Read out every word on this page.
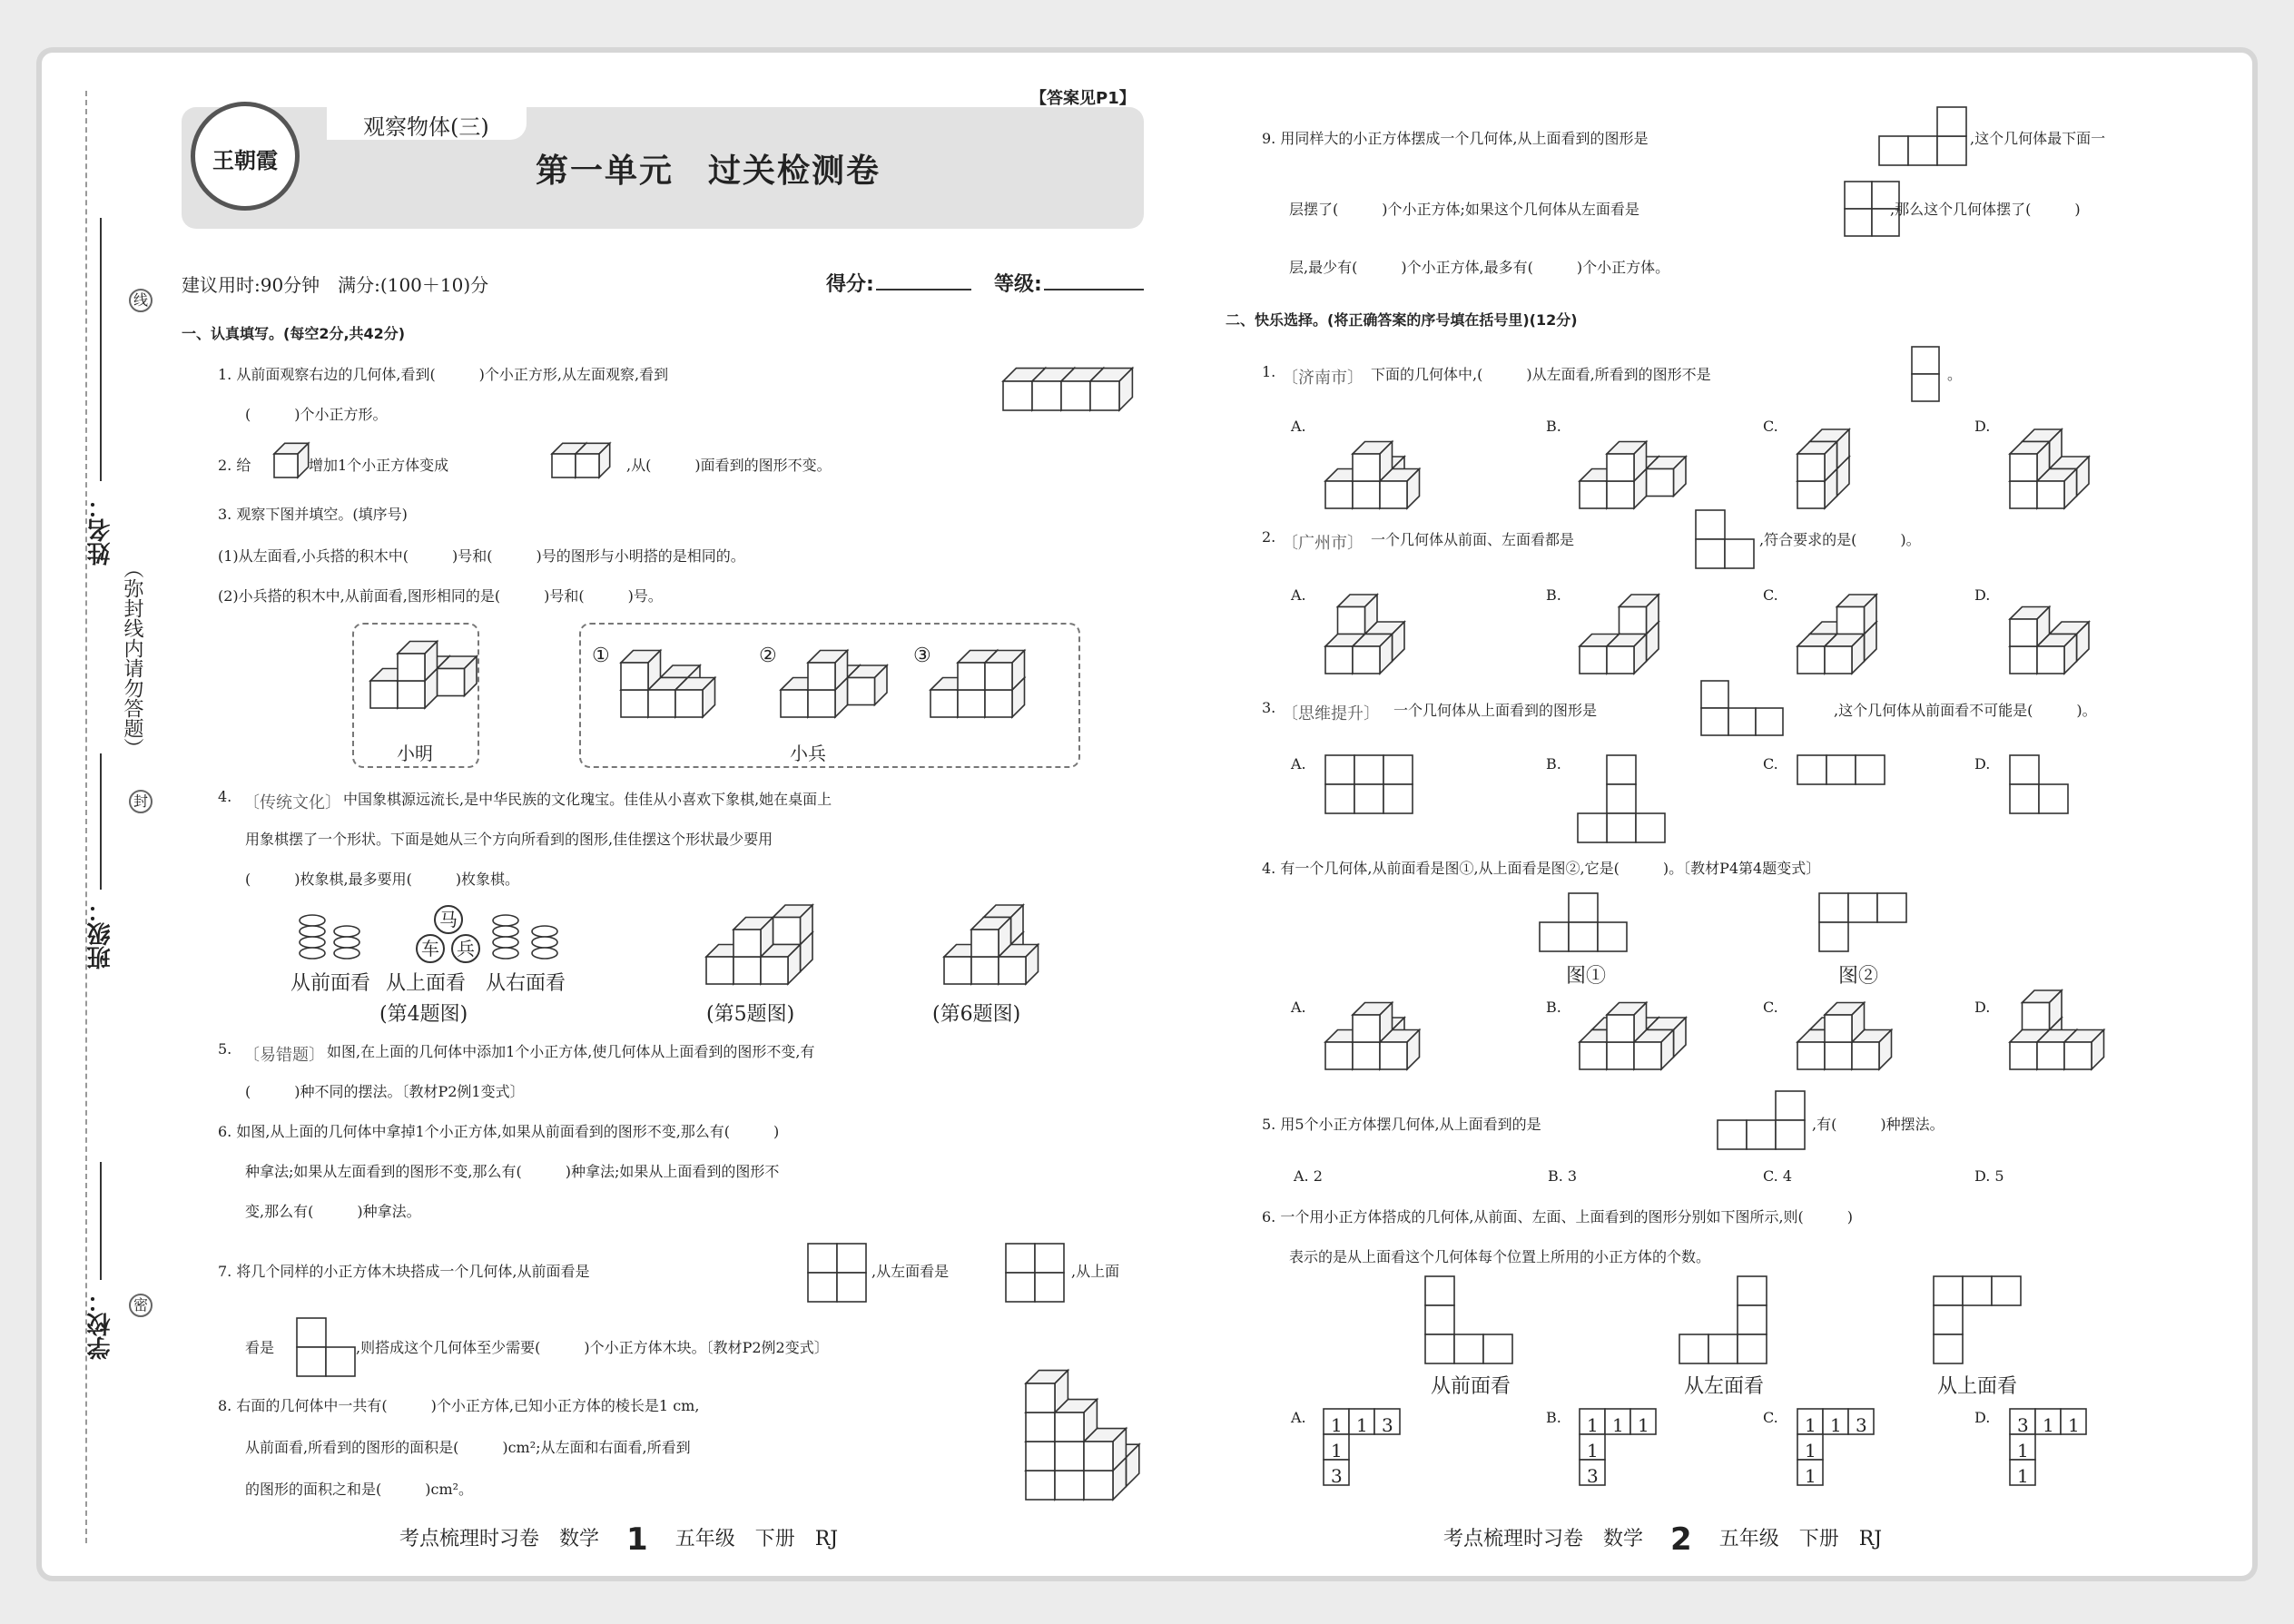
学校：
班级：
姓名：
线
封
密
（弥封线内请勿答题）
王朝霞
观察物体(三)
第一单元　过关检测卷
【答案见P1】
建议用时:90分钟　满分:(100＋10)分	得分:	等级:
一、认真填写。(每空2分,共42分)
1. 从前面观察右边的几何体,看到(　　　)个小正方形,从左面观察,看到
(　　　)个小正方形。
2. 给	增加1个小正方体变成	,从(　　　)面看到的图形不变。
3. 观察下图并填空。(填序号)
(1)从左面看,小兵搭的积木中(　　　)号和(　　　)号的图形与小明搭的是相同的。
(2)小兵搭的积木中,从前面看,图形相同的是(　　　)号和(　　　)号。
小明	小兵
①	②	③
4. 〔传统文化〕 中国象棋源远流长,是中华民族的文化瑰宝。佳佳从小喜欢下象棋,她在桌面上
用象棋摆了一个形状。下面是她从三个方向所看到的图形,佳佳摆这个形状最少要用
(　　　)枚象棋,最多要用(　　　)枚象棋。
从前面看 从上面看 从右面看
(第4题图)	(第5题图)	(第6题图)
5. 〔易错题〕 如图,在上面的几何体中添加1个小正方体,使几何体从上面看到的图形不变,有
(　　　)种不同的摆法。〔教材P2例1变式〕
6. 如图,从上面的几何体中拿掉1个小正方体,如果从前面看到的图形不变,那么有(　　　)
种拿法;如果从左面看到的图形不变,那么有(　　　)种拿法;如果从上面看到的图形不
变,那么有(　　　)种拿法。
7. 将几个同样的小正方体木块搭成一个几何体,从前面看是	,从左面看是	,从上面
看是	,则搭成这个几何体至少需要(　　　)个小正方体木块。〔教材P2例2变式〕
8. 右面的几何体中一共有(　　　)个小正方体,已知小正方体的棱长是1 cm,
从前面看,所看到的图形的面积是(　　　)cm²;从左面和右面看,所看到
的图形的面积之和是(　　　)cm²。
9. 用同样大的小正方体摆成一个几何体,从上面看到的图形是	,这个几何体最下面一
层摆了(　　　)个小正方体;如果这个几何体从左面看是	,那么这个几何体摆了(　　　)
层,最少有(　　　)个小正方体,最多有(　　　)个小正方体。
二、快乐选择。(将正确答案的序号填在括号里)(12分)
1. 〔济南市〕 下面的几何体中,(　　　)从左面看,所看到的图形不是	。
2. 〔广州市〕 一个几何体从前面、左面看都是	,符合要求的是(　　　)。
3. 〔思维提升〕 一个几何体从上面看到的图形是	,这个几何体从前面看不可能是(　　　)。
4. 有一个几何体,从前面看是图①,从上面看是图②,它是(　　　)。〔教材P4第4题变式〕
图①	图②
5. 用5个小正方体摆几何体,从上面看到的是	,有(　　　)种摆法。
A. 2	B. 3	C. 4	D. 5
6. 一个用小正方体搭成的几何体,从前面、左面、上面看到的图形分别如下图所示,则(　　　)
表示的是从上面看这个几何体每个位置上所用的小正方体的个数。
从前面看	从左面看	从上面看
A.	B.	C.	D.
A.	B.	C.	D.
A.	B.	C.	D.
A.	B.	C.	D.
A.	B.	C.	D.
1 1 3
1
3
1 1 1
1
3
1 1 3
1
1
3 1 1
1
1
考点梳理时习卷　数学 1 五年级　下册　RJ	考点梳理时习卷　数学 2 五年级　下册　RJ
马
车 兵
